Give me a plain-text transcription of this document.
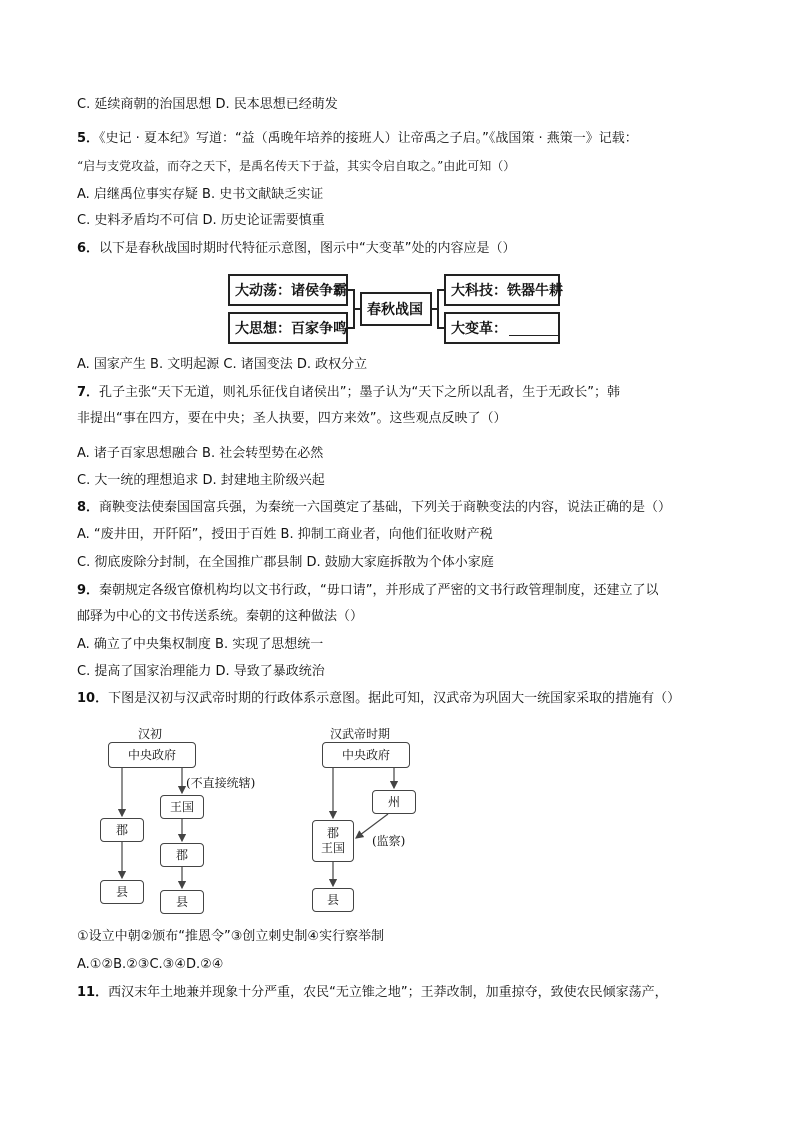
C. 延续商朝的治国思想 D. 民本思想已经萌发
5．《史记 · 夏本纪》写道：“益（禹晚年培养的接班人）让帝禹之子启。”《战国策 · 燕策一》记载：
“启与支党攻益，而夺之天下，是禹名传天下于益，其实令启自取之。”由此可知（）
A. 启继禹位事实存疑 B. 史书文献缺乏实证
C. 史料矛盾均不可信 D. 历史论证需要慎重
6．以下是春秋战国时期时代特征示意图，图示中“大变革”处的内容应是（）
大动荡：诸侯争霸
大思想：百家争鸣
春秋战国
大科技：铁器牛耕
大变革：
A. 国家产生 B. 文明起源 C. 诸国变法 D. 政权分立
7．孔子主张“天下无道，则礼乐征伐自诸侯出”；墨子认为“天下之所以乱者，生于无政长”；韩
非提出“事在四方，要在中央；圣人执要，四方来效”。这些观点反映了（）
A. 诸子百家思想融合 B. 社会转型势在必然
C. 大一统的理想追求 D. 封建地主阶级兴起
8．商鞅变法使秦国国富兵强，为秦统一六国奠定了基础，下列关于商鞅变法的内容，说法正确的是（）
A. “废井田，开阡陌”，授田于百姓 B. 抑制工商业者，向他们征收财产税
C. 彻底废除分封制，在全国推广郡县制 D. 鼓励大家庭拆散为个体小家庭
9．秦朝规定各级官僚机构均以文书行政，“毋口请”，并形成了严密的文书行政管理制度，还建立了以
邮驿为中心的文书传送系统。秦朝的这种做法（）
A. 确立了中央集权制度 B. 实现了思想统一
C. 提高了国家治理能力 D. 导致了暴政统治
10．下图是汉初与汉武帝时期的行政体系示意图。据此可知，汉武帝为巩固大一统国家采取的措施有（）
汉初
中央政府
(不直接统辖)
王国
郡
郡
县
县
汉武帝时期
中央政府
州
郡
王国 (监察)
县
①设立中朝②颁布“推恩令”③创立刺史制④实行察举制
A.①②B.②③C.③④D.②④
11．西汉末年土地兼并现象十分严重，农民“无立锥之地”；王莽改制，加重掠夺，致使农民倾家荡产，
